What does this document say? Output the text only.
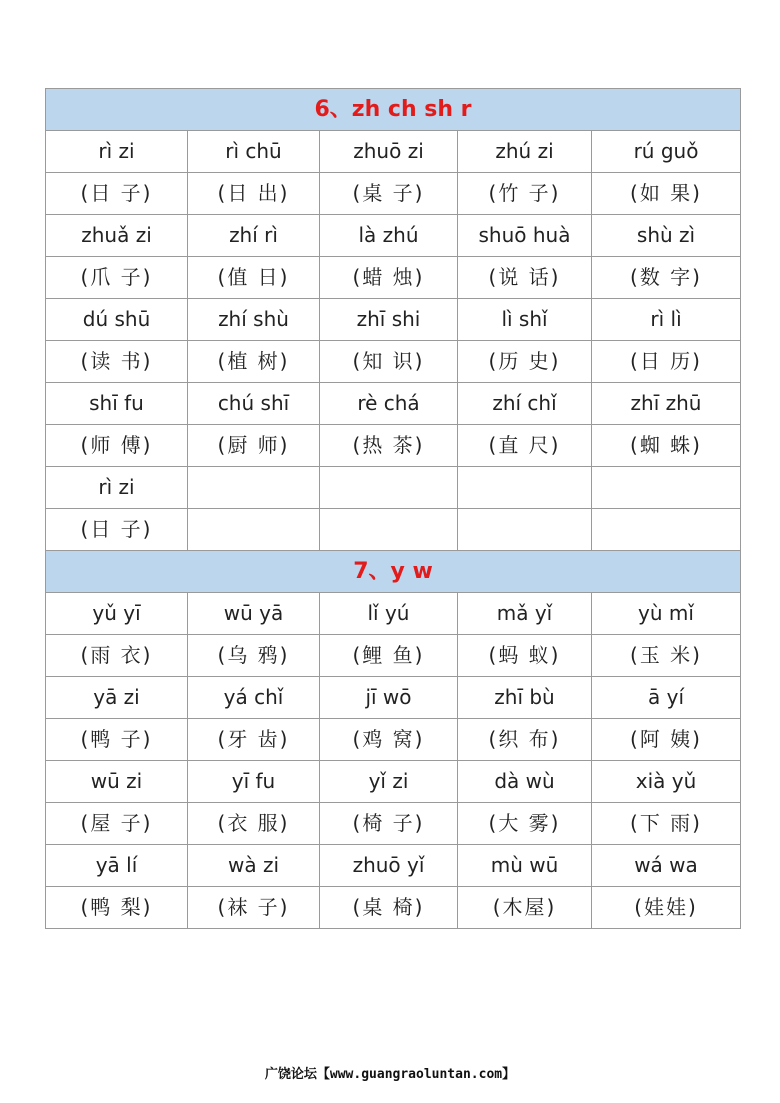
6、zh ch sh r				
rì zi	rì chū	zhuō zi	zhú zi	rú guǒ
(日 子)	(日 出)	(桌 子)	(竹 子)	(如 果)
zhuǎ zi	zhí rì	là zhú	shuō huà	shù zì
(爪 子)	(值 日)	(蜡 烛)	(说 话)	(数 字)
dú shū	zhí shù	zhī shi	lì shǐ	rì lì
(读 书)	(植 树)	(知 识)	(历 史)	(日 历)
shī fu	chú shī	rè chá	zhí chǐ	zhī zhū
(师 傅)	(厨 师)	(热 茶)	(直 尺)	(蜘 蛛)
rì zi				
(日 子)				
7、y w				
yǔ yī	wū yā	lǐ yú	mǎ yǐ	yù mǐ
(雨 衣)	(乌 鸦)	(鲤 鱼)	(蚂 蚁)	(玉 米)
yā zi	yá chǐ	jī wō	zhī bù	ā yí
(鸭 子)	(牙 齿)	(鸡 窝)	(织 布)	(阿 姨)
wū zi	yī fu	yǐ zi	dà wù	xià yǔ
(屋 子)	(衣 服)	(椅 子)	(大 雾)	(下 雨)
yā lí	wà zi	zhuō yǐ	mù wū	wá wa
(鸭 梨)	(袜 子)	(桌 椅)	(木屋)	(娃娃)
广饶论坛【www.guangraoluntan.com】
